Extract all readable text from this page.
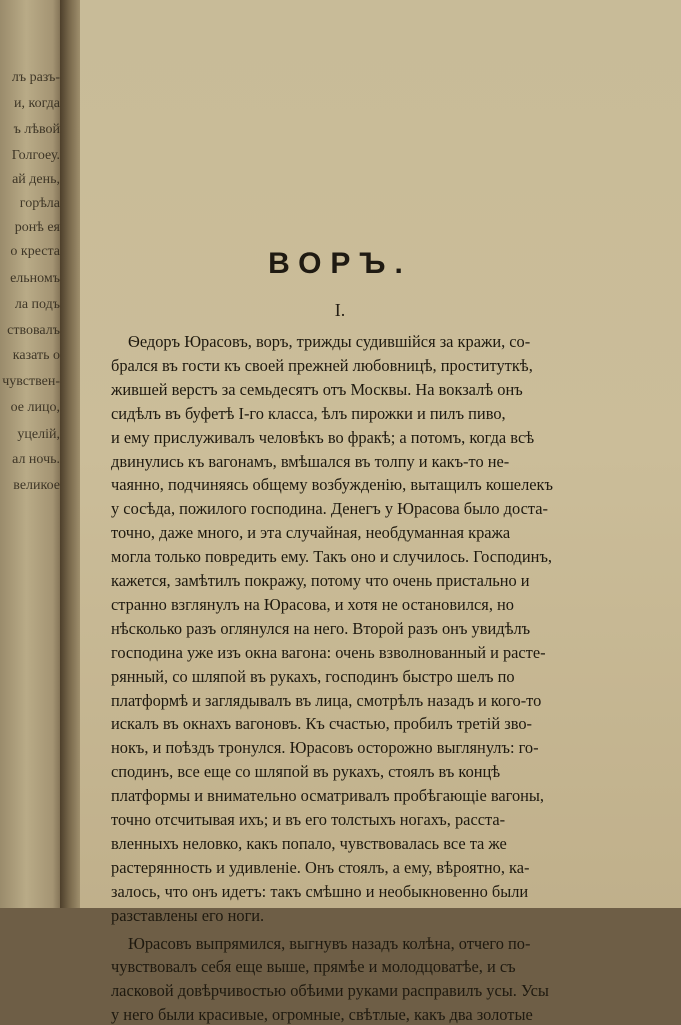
лъ разъ-
и, когда
ъ лѣвой
Голгоеу.
ай день,
горѣла
ронѣ ея
о креста
ельномъ
ла подъ
ствовалъ
казать о
чувствен-
ое лицо,
уцелій,
ал ночь.
великое
ВОРЪ.
I.
Ѳедоръ Юрасовъ, воръ, трижды судившійся за кражи, со-
брался въ гости къ своей прежней любовницѣ, проституткѣ,
жившей верстъ за семьдесятъ отъ Москвы. На вокзалѣ онъ
сидѣлъ въ буфетѣ I-го класса, ѣлъ пирожки и пилъ пиво,
и ему прислуживалъ человѣкъ во фракѣ; а потомъ, когда всѣ
двинулись къ вагонамъ, вмѣшался въ толпу и какъ-то не-
чаянно, подчиняясь общему возбужденію, вытащилъ кошелекъ
у сосѣда, пожилого господина. Денегъ у Юрасова было доста-
точно, даже много, и эта случайная, необдуманная кража
могла только повредить ему. Такъ оно и случилось. Господинъ,
кажется, замѣтилъ покражу, потому что очень пристально и
странно взглянулъ на Юрасова, и хотя не остановился, но
нѣсколько разъ оглянулся на него. Второй разъ онъ увидѣлъ
господина уже изъ окна вагона: очень взволнованный и расте-
рянный, со шляпой въ рукахъ, господинъ быстро шелъ по
платформѣ и заглядывалъ въ лица, смотрѣлъ назадъ и кого-то
искалъ въ окнахъ вагоновъ. Къ счастью, пробилъ третій зво-
нокъ, и поѣздъ тронулся. Юрасовъ осторожно выглянулъ: го-
сподинъ, все еще со шляпой въ рукахъ, стоялъ въ концѣ
платформы и внимательно осматривалъ пробѣгающіе вагоны,
точно отсчитывая ихъ; и въ его толстыхъ ногахъ, расста-
вленныхъ неловко, какъ попало, чувствовалась все та же
растерянность и удивленіе. Онъ стоялъ, а ему, вѣроятно, ка-
залось, что онъ идетъ: такъ смѣшно и необыкновенно были
разставлены его ноги.
Юрасовъ выпрямился, выгнувъ назадъ колѣна, отчего по-
чувствовалъ себя еще выше, прямѣе и молодцоватѣе, и съ
ласковой довѣрчивостью обѣими руками расправилъ усы. Усы
у него были красивые, огромные, свѣтлые, какъ два золотые
